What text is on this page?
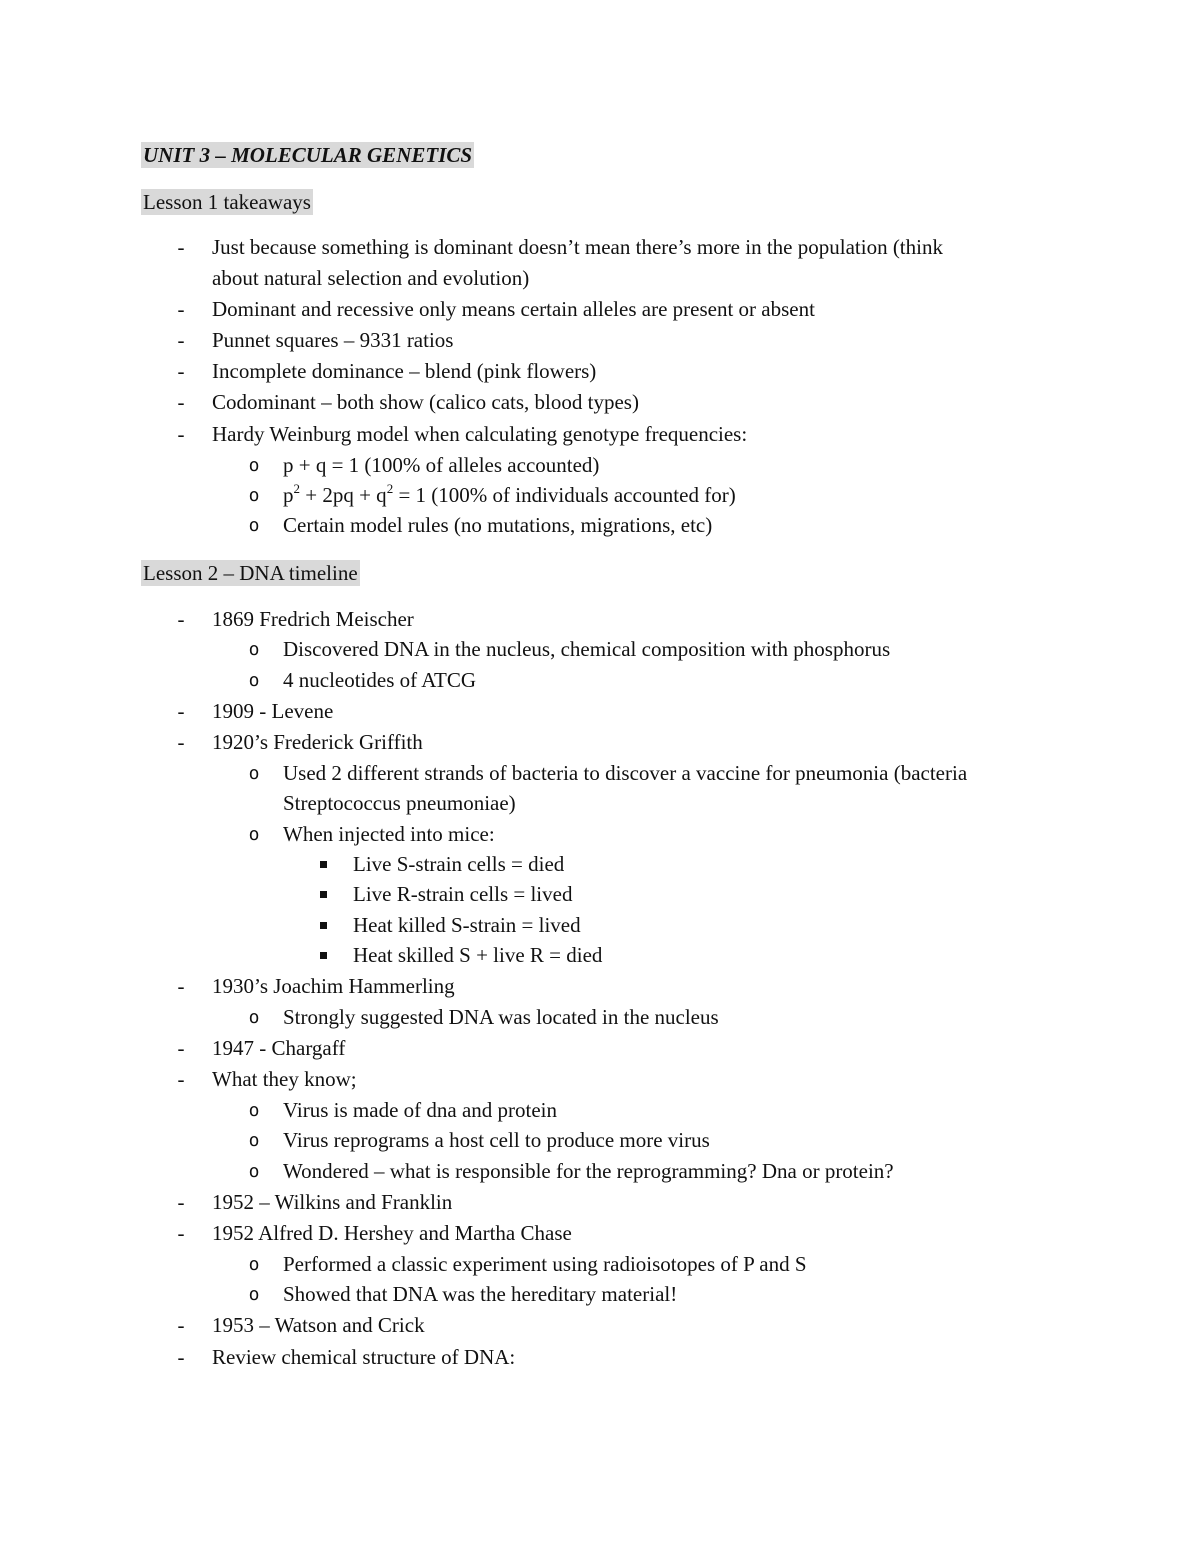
UNIT 3 – MOLECULAR GENETICS
Lesson 1 takeaways
- Just because something is dominant doesn’t mean there’s more in the population (think
about natural selection and evolution)
- Dominant and recessive only means certain alleles are present or absent
- Punnet squares – 9331 ratios
- Incomplete dominance – blend (pink flowers)
- Codominant – both show (calico cats, blood types)
- Hardy Weinburg model when calculating genotype frequencies:
o p + q = 1 (100% of alleles accounted)
o $p^2 + 2pq + q^2 = 1$ (100% of individuals accounted for)
o Certain model rules (no mutations, migrations, etc)
Lesson 2 – DNA timeline
- 1869 Fredrich Meischer
o Discovered DNA in the nucleus, chemical composition with phosphorus
o 4 nucleotides of ATCG
- 1909 - Levene
- 1920’s Frederick Griffith
o Used 2 different strands of bacteria to discover a vaccine for pneumonia (bacteria
Streptococcus pneumoniae)
o When injected into mice:
Live S-strain cells = died
Live R-strain cells = lived
Heat killed S-strain = lived
Heat skilled S + live R = died
- 1930’s Joachim Hammerling
o Strongly suggested DNA was located in the nucleus
- 1947 - Chargaff
- What they know;
o Virus is made of dna and protein
o Virus reprograms a host cell to produce more virus
o Wondered – what is responsible for the reprogramming? Dna or protein?
- 1952 – Wilkins and Franklin
- 1952 Alfred D. Hershey and Martha Chase
o Performed a classic experiment using radioisotopes of P and S
o Showed that DNA was the hereditary material!
- 1953 – Watson and Crick
- Review chemical structure of DNA:
